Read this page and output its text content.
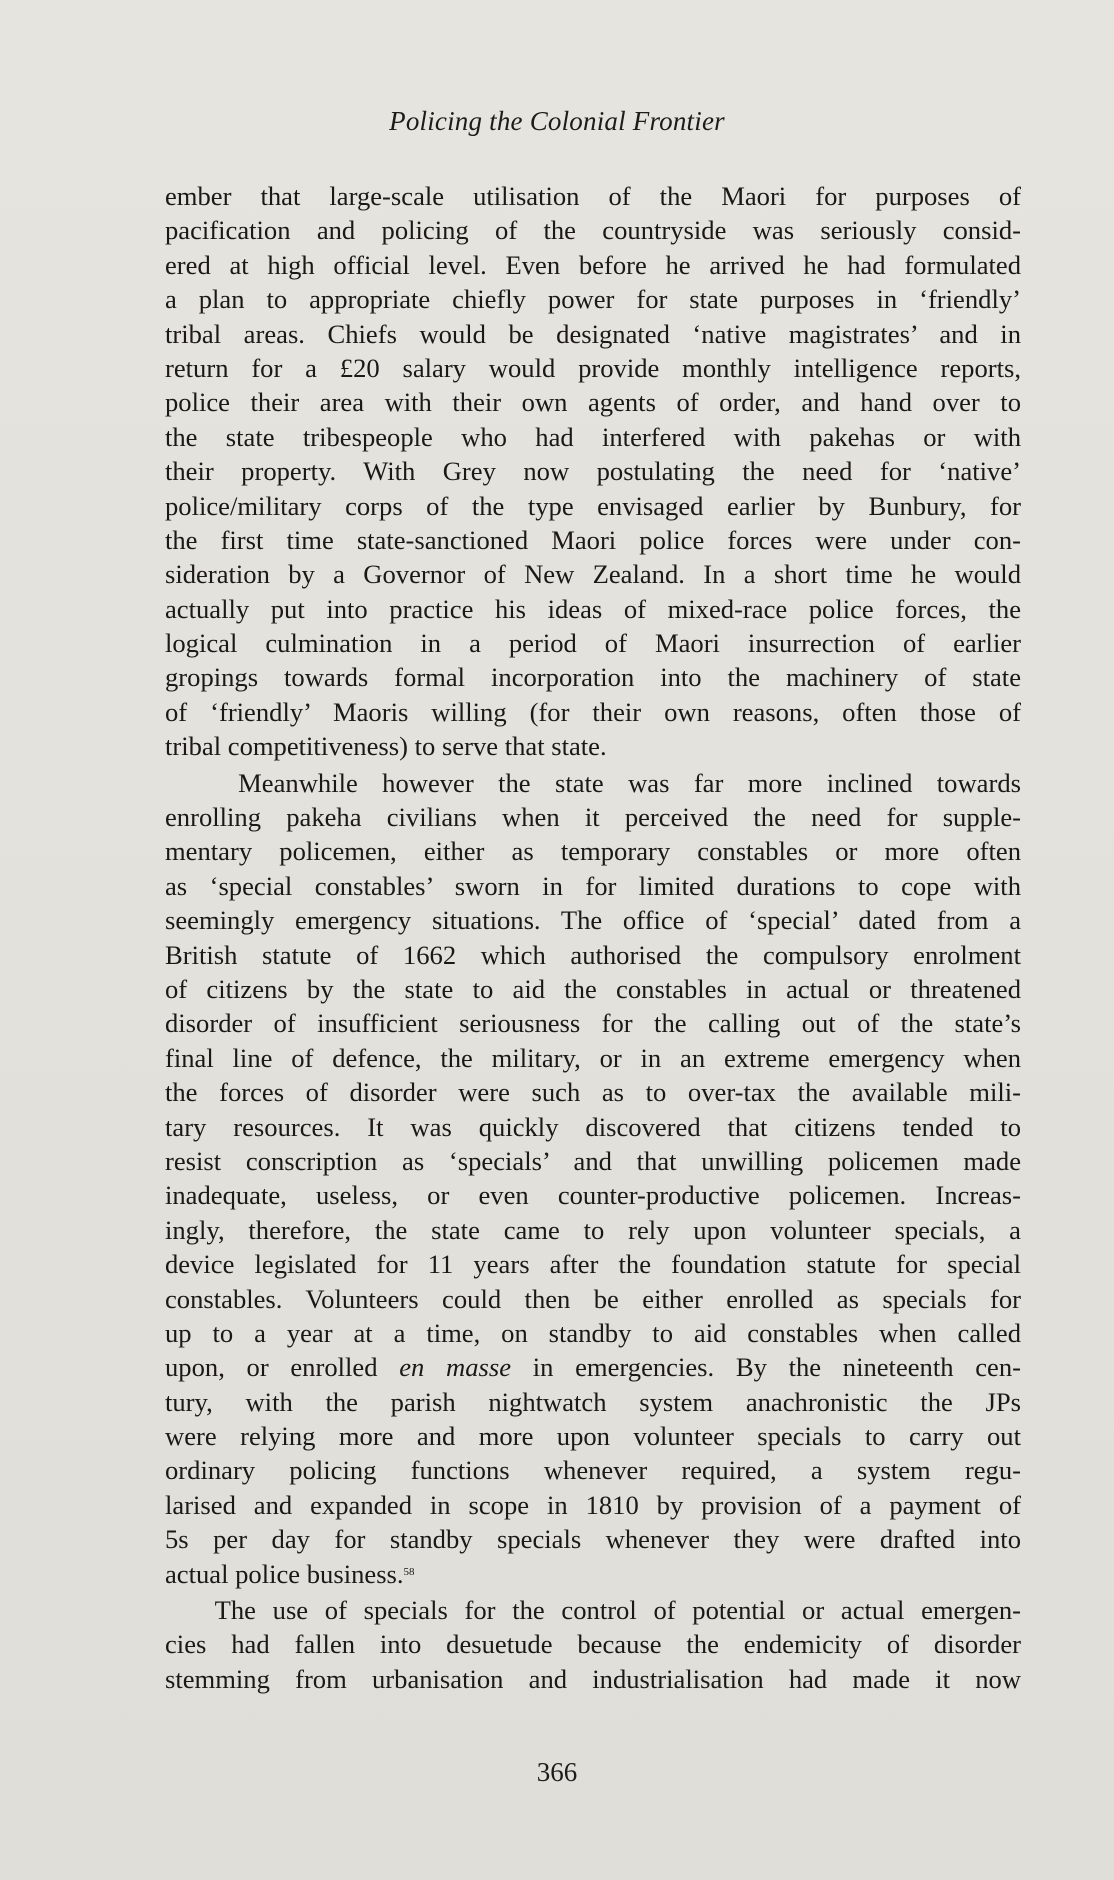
Policing the Colonial Frontier
ember that large-scale utilisation of the Maori for purposes of
pacification and policing of the countryside was seriously consid-
ered at high official level. Even before he arrived he had formulated
a plan to appropriate chiefly power for state purposes in ‘friendly’
tribal areas. Chiefs would be designated ‘native magistrates’ and in
return for a £20 salary would provide monthly intelligence reports,
police their area with their own agents of order, and hand over to
the state tribespeople who had interfered with pakehas or with
their property. With Grey now postulating the need for ‘native’
police/military corps of the type envisaged earlier by Bunbury, for
the first time state-sanctioned Maori police forces were under con-
sideration by a Governor of New Zealand. In a short time he would
actually put into practice his ideas of mixed-race police forces, the
logical culmination in a period of Maori insurrection of earlier
gropings towards formal incorporation into the machinery of state
of ‘friendly’ Maoris willing (for their own reasons, often those of
tribal competitiveness) to serve that state.
Meanwhile however the state was far more inclined towards
enrolling pakeha civilians when it perceived the need for supple-
mentary policemen, either as temporary constables or more often
as ‘special constables’ sworn in for limited durations to cope with
seemingly emergency situations. The office of ‘special’ dated from a
British statute of 1662 which authorised the compulsory enrolment
of citizens by the state to aid the constables in actual or threatened
disorder of insufficient seriousness for the calling out of the state’s
final line of defence, the military, or in an extreme emergency when
the forces of disorder were such as to over-tax the available mili-
tary resources. It was quickly discovered that citizens tended to
resist conscription as ‘specials’ and that unwilling policemen made
inadequate, useless, or even counter-productive policemen. Increas-
ingly, therefore, the state came to rely upon volunteer specials, a
device legislated for 11 years after the foundation statute for special
constables. Volunteers could then be either enrolled as specials for
up to a year at a time, on standby to aid constables when called
upon, or enrolled en masse in emergencies. By the nineteenth cen-
tury, with the parish nightwatch system anachronistic the JPs
were relying more and more upon volunteer specials to carry out
ordinary policing functions whenever required, a system regu-
larised and expanded in scope in 1810 by provision of a payment of
5s per day for standby specials whenever they were drafted into
actual police business.$^{58}$
The use of specials for the control of potential or actual emergen-
cies had fallen into desuetude because the endemicity of disorder
stemming from urbanisation and industrialisation had made it now
366
